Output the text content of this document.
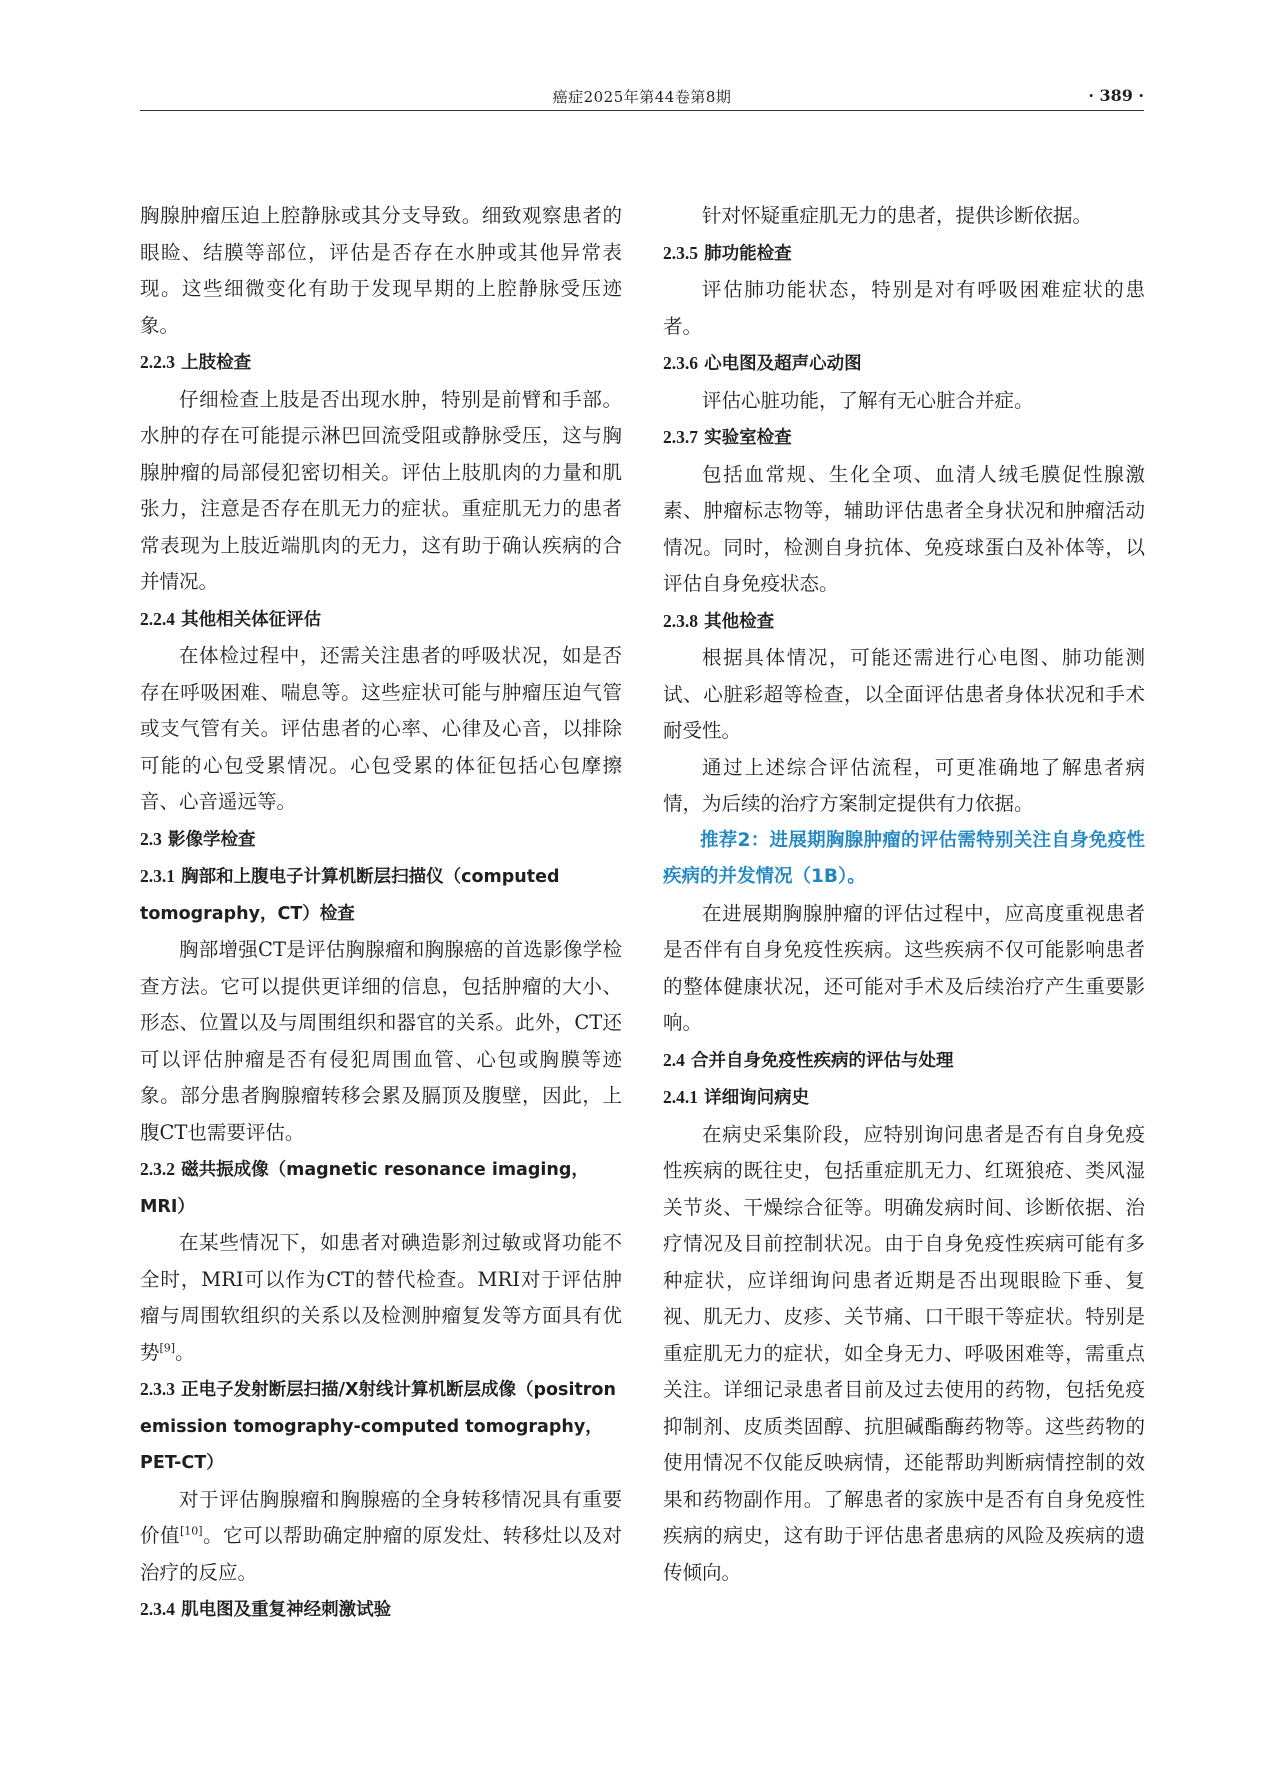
癌症2025年第44卷第8期	· 389 ·

胸腺肿瘤压迫上腔静脉或其分支导致。细致观察患者的眼睑、结膜等部位，评估是否存在水肿或其他异常表现。这些细微变化有助于发现早期的上腔静脉受压迹象。

2.2.3 上肢检查

仔细检查上肢是否出现水肿，特别是前臂和手部。水肿的存在可能提示淋巴回流受阻或静脉受压，这与胸腺肿瘤的局部侵犯密切相关。评估上肢肌肉的力量和肌张力，注意是否存在肌无力的症状。重症肌无力的患者常表现为上肢近端肌肉的无力，这有助于确认疾病的合并情况。

2.2.4 其他相关体征评估

在体检过程中，还需关注患者的呼吸状况，如是否存在呼吸困难、喘息等。这些症状可能与肿瘤压迫气管或支气管有关。评估患者的心率、心律及心音，以排除可能的心包受累情况。心包受累的体征包括心包摩擦音、心音遥远等。

2.3 影像学检查
2.3.1 胸部和上腹电子计算机断层扫描仪（computed tomography，CT）检查

胸部增强CT是评估胸腺瘤和胸腺癌的首选影像学检查方法。它可以提供更详细的信息，包括肿瘤的大小、形态、位置以及与周围组织和器官的关系。此外，CT还可以评估肿瘤是否有侵犯周围血管、心包或胸膜等迹象。部分患者胸腺瘤转移会累及膈顶及腹壁，因此，上腹CT也需要评估。

2.3.2 磁共振成像（magnetic resonance imaging，MRI）

在某些情况下，如患者对碘造影剂过敏或肾功能不全时，MRI可以作为CT的替代检查。MRI对于评估肿瘤与周围软组织的关系以及检测肿瘤复发等方面具有优势[9]。

2.3.3 正电子发射断层扫描/X射线计算机断层成像（positron emission tomography-computed tomography，PET-CT）

对于评估胸腺瘤和胸腺癌的全身转移情况具有重要价值[10]。它可以帮助确定肿瘤的原发灶、转移灶以及对治疗的反应。

2.3.4 肌电图及重复神经刺激试验

针对怀疑重症肌无力的患者，提供诊断依据。

2.3.5 肺功能检查

评估肺功能状态，特别是对有呼吸困难症状的患者。

2.3.6 心电图及超声心动图

评估心脏功能，了解有无心脏合并症。

2.3.7 实验室检查

包括血常规、生化全项、血清人绒毛膜促性腺激素、肿瘤标志物等，辅助评估患者全身状况和肿瘤活动情况。同时，检测自身抗体、免疫球蛋白及补体等，以评估自身免疫状态。

2.3.8 其他检查

根据具体情况，可能还需进行心电图、肺功能测试、心脏彩超等检查，以全面评估患者身体状况和手术耐受性。

通过上述综合评估流程，可更准确地了解患者病情，为后续的治疗方案制定提供有力依据。

推荐2：进展期胸腺肿瘤的评估需特别关注自身免疫性疾病的并发情况（1B）。

在进展期胸腺肿瘤的评估过程中，应高度重视患者是否伴有自身免疫性疾病。这些疾病不仅可能影响患者的整体健康状况，还可能对手术及后续治疗产生重要影响。

2.4 合并自身免疫性疾病的评估与处理
2.4.1 详细询问病史

在病史采集阶段，应特别询问患者是否有自身免疫性疾病的既往史，包括重症肌无力、红斑狼疮、类风湿关节炎、干燥综合征等。明确发病时间、诊断依据、治疗情况及目前控制状况。由于自身免疫性疾病可能有多种症状，应详细询问患者近期是否出现眼睑下垂、复视、肌无力、皮疹、关节痛、口干眼干等症状。特别是重症肌无力的症状，如全身无力、呼吸困难等，需重点关注。详细记录患者目前及过去使用的药物，包括免疫抑制剂、皮质类固醇、抗胆碱酯酶药物等。这些药物的使用情况不仅能反映病情，还能帮助判断病情控制的效果和药物副作用。了解患者的家族中是否有自身免疫性疾病的病史，这有助于评估患者患病的风险及疾病的遗传倾向。
